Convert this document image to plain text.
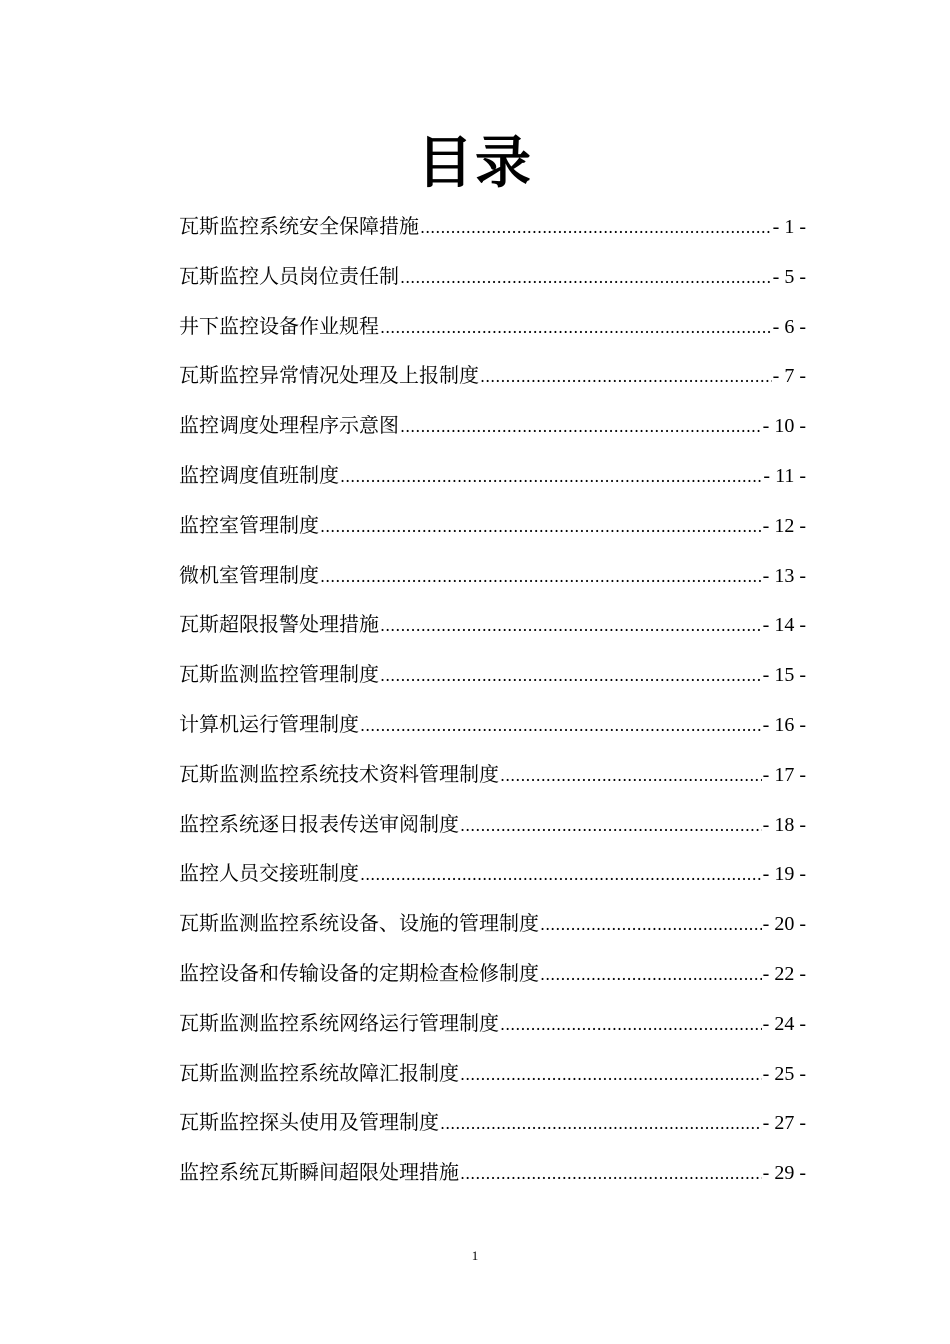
目录
瓦斯监控系统安全保障措施 .....	- 1 -
瓦斯监控人员岗位责任制 .....	- 5 -
井下监控设备作业规程 .....	- 6 -
瓦斯监控异常情况处理及上报制度 .....	- 7 -
监控调度处理程序示意图 .....	- 10 -
监控调度值班制度 .....	- 11 -
监控室管理制度 .....	- 12 -
微机室管理制度 .....	- 13 -
瓦斯超限报警处理措施 .....	- 14 -
瓦斯监测监控管理制度 .....	- 15 -
计算机运行管理制度 .....	- 16 -
瓦斯监测监控系统技术资料管理制度 .....	- 17 -
监控系统逐日报表传送审阅制度 .....	- 18 -
监控人员交接班制度 .....	- 19 -
瓦斯监测监控系统设备、设施的管理制度 .....	- 20 -
监控设备和传输设备的定期检查检修制度 .....	- 22 -
瓦斯监测监控系统网络运行管理制度 .....	- 24 -
瓦斯监测监控系统故障汇报制度 .....	- 25 -
瓦斯监控探头使用及管理制度 .....	- 27 -
监控系统瓦斯瞬间超限处理措施 .....	- 29 -
1
